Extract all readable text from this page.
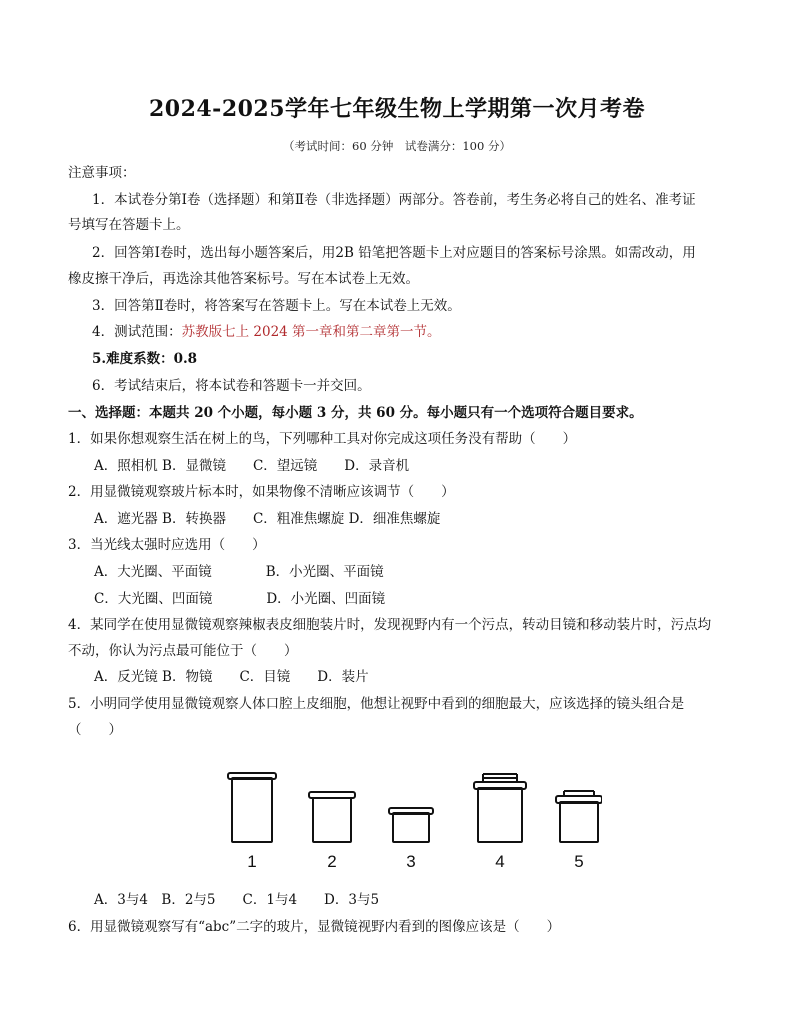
2024-2025学年七年级生物上学期第一次月考卷
（考试时间：60 分钟　试卷满分：100 分）
注意事项：
1．本试卷分第Ⅰ卷（选择题）和第Ⅱ卷（非选择题）两部分。答卷前，考生务必将自己的姓名、准考证
号填写在答题卡上。
2．回答第Ⅰ卷时，选出每小题答案后，用2B 铅笔把答题卡上对应题目的答案标号涂黑。如需改动，用
橡皮擦干净后，再选涂其他答案标号。写在本试卷上无效。
3．回答第Ⅱ卷时，将答案写在答题卡上。写在本试卷上无效。
4．测试范围：苏教版七上 2024 第一章和第二章第一节。
5.难度系数：0.8
6．考试结束后，将本试卷和答题卡一并交回。
一、选择题：本题共 20 个小题，每小题 3 分，共 60 分。每小题只有一个选项符合题目要求。
1．如果你想观察生活在树上的鸟，下列哪种工具对你完成这项任务没有帮助（　　）
A．照相机 B．显微镜　　C．望远镜　　D．录音机
2．用显微镜观察玻片标本时，如果物像不清晰应该调节（　　）
A．遮光器 B．转换器　　C．粗准焦螺旋 D．细准焦螺旋
3．当光线太强时应选用（　　）
A．大光圈、平面镜　　　　B．小光圈、平面镜
C．大光圈、凹面镜　　　　D．小光圈、凹面镜
4．某同学在使用显微镜观察辣椒表皮细胞装片时，发现视野内有一个污点，转动目镜和移动装片时，污点均
不动，你认为污点最可能位于（　　）
A．反光镜 B．物镜　　C．目镜　　D．装片
5．小明同学使用显微镜观察人体口腔上皮细胞，他想让视野中看到的细胞最大，应该选择的镜头组合是
（　　）
1	2	3	4	5
A．3与4　B．2与5　　C．1与4　　D．3与5
6．用显微镜观察写有“abc”二字的玻片，显微镜视野内看到的图像应该是（　　）
